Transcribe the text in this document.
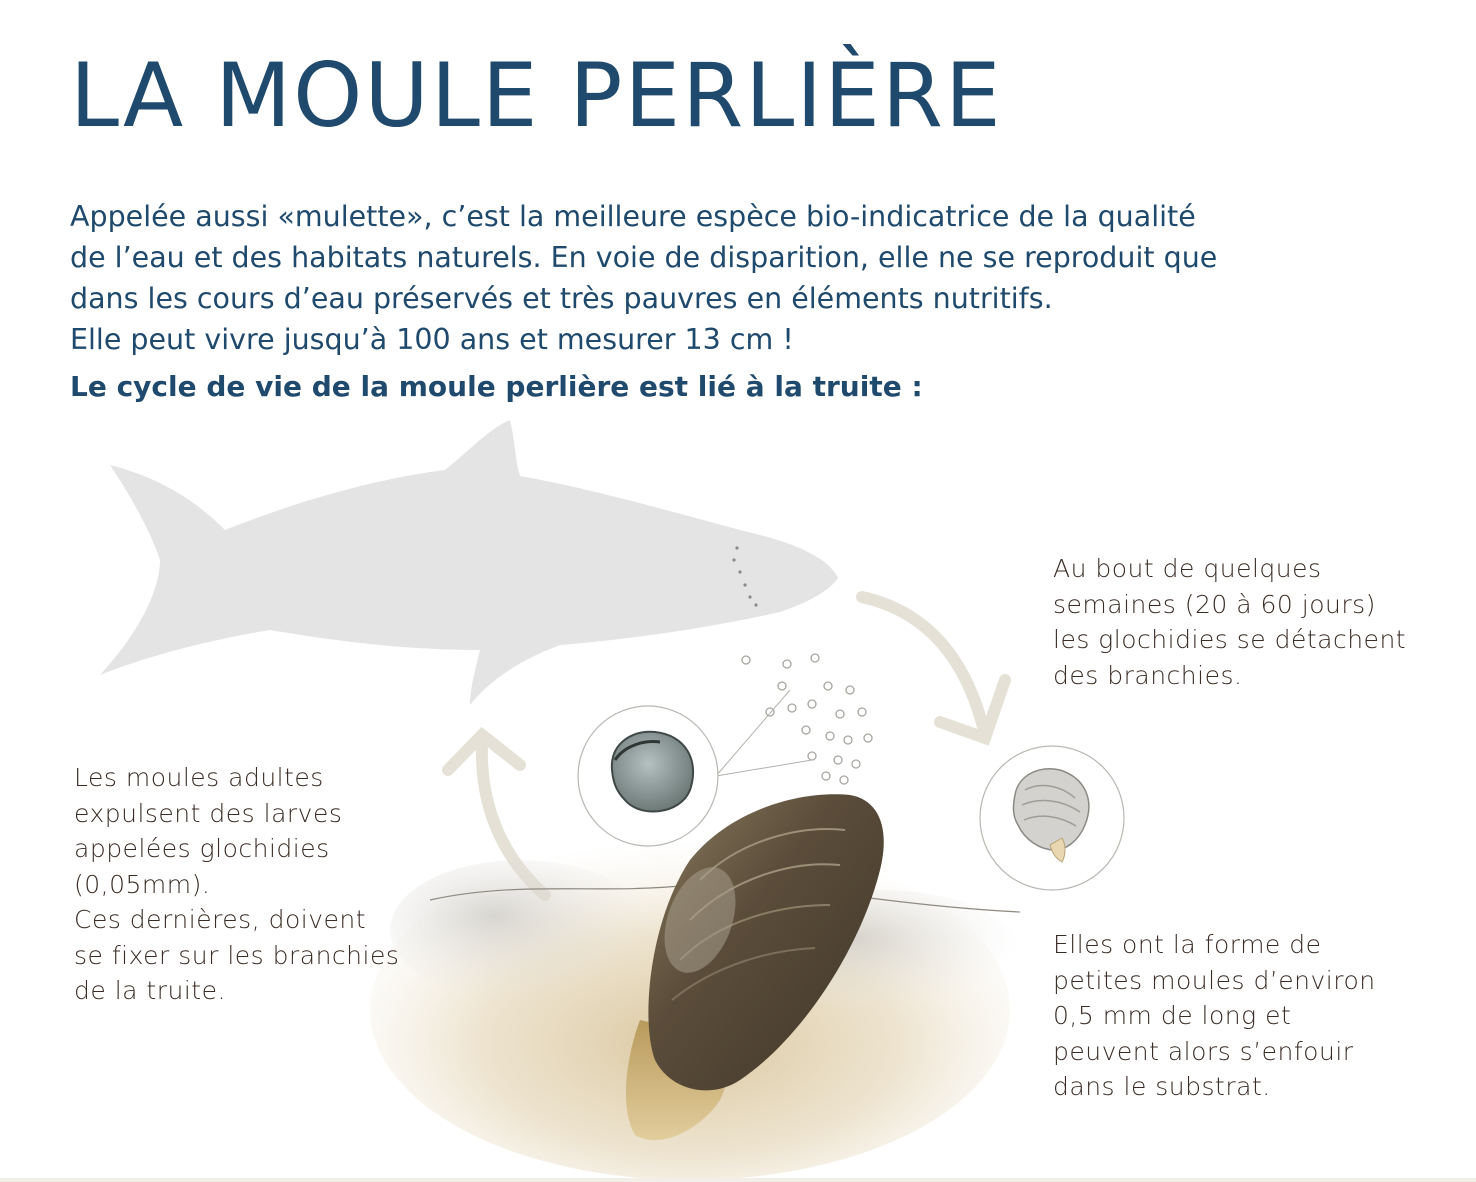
LA MOULE PERLIÈRE

Appelée aussi «mulette», c’est la meilleure espèce bio-indicatrice de la qualité

de l’eau et des habitats naturels. En voie de disparition, elle ne se reproduit que

dans les cours d’eau préservés et très pauvres en éléments nutritifs.

Elle peut vivre jusqu’à 100 ans et mesurer 13 cm !

Le cycle de vie de la moule perlière est lié à la truite :

Les moules adultes

expulsent des larves

appelées glochidies

(0,05mm).

Ces dernières, doivent

se fixer sur les branchies

de la truite.

Au bout de quelques

semaines (20 à 60 jours)

les glochidies se détachent

des branchies.

Elles ont la forme de

petites moules d’environ

0,5 mm de long et

peuvent alors s’enfouir

dans le substrat.
